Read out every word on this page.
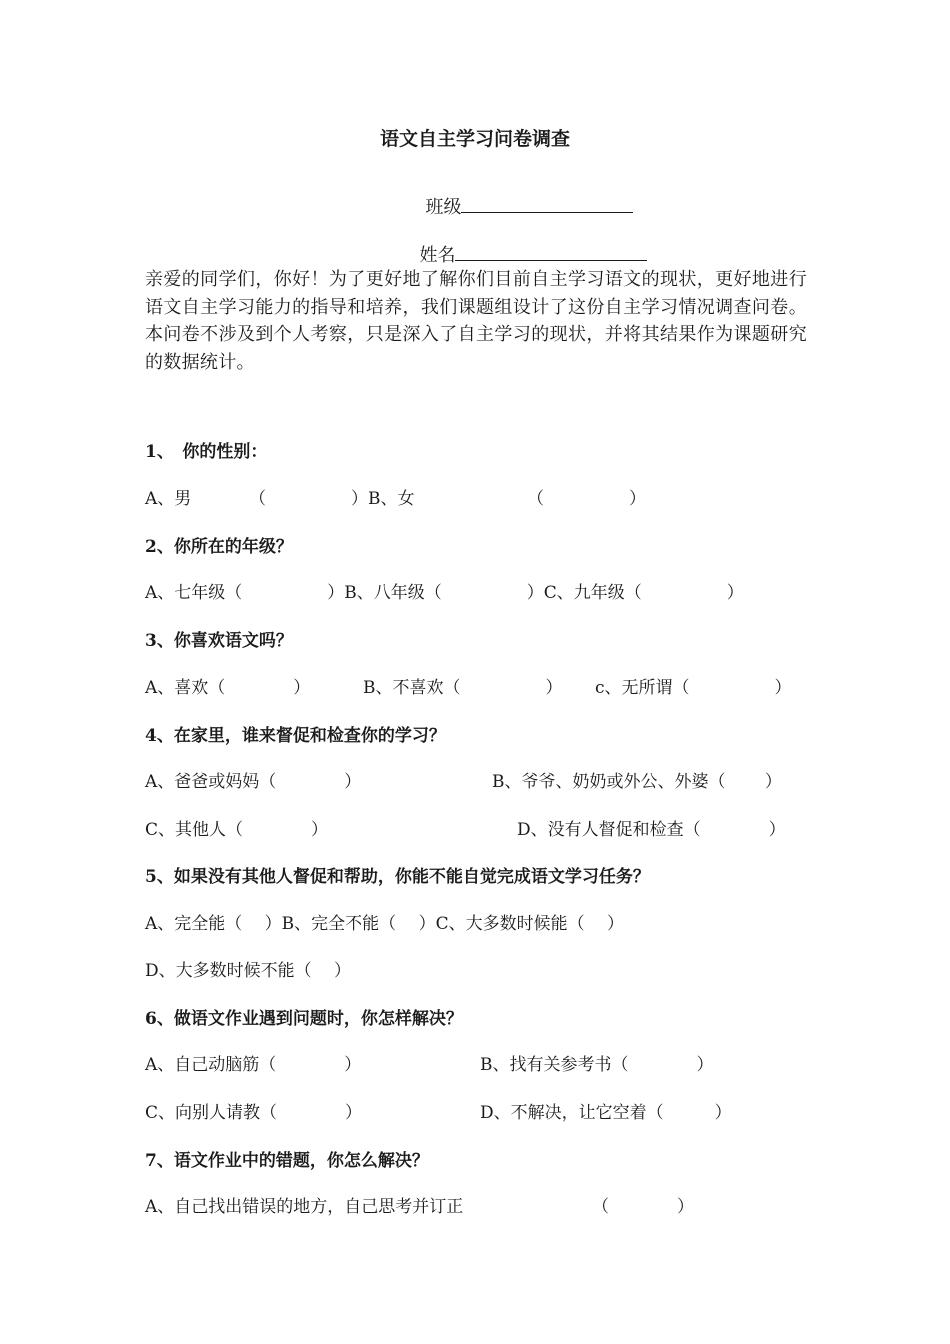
语文自主学习问卷调查

班级

姓名

亲爱的同学们，你好！为了更好地了解你们目前自主学习语文的现状，更好地进行语文自主学习能力的指导和培养，我们课题组设计了这份自主学习情况调查问卷。本问卷不涉及到个人考察，只是深入了自主学习的现状，并将其结果作为课题研究的数据统计。
1、　你的性别：
A、男	（　　　　　）B、女	（　　　　　）
2、你所在的年级？
A、七年级（　　　　　）B、八年级（　　　　　）C、九年级（　　　　　）
3、你喜欢语文吗？
A、喜欢（　　　　）	B、不喜欢（　　　　　） c、无所谓（　　　　　）
4、在家里，谁来督促和检查你的学习？
A、爸爸或妈妈（　　　　）	B、爷爷、奶奶或外公、外婆（　　 ）
C、其他人（　　　　）	D、没有人督促和检查（　　　　）
5、如果没有其他人督促和帮助，你能不能自觉完成语文学习任务？
A、完全能（　 ）B、完全不能（　 ）C、大多数时候能（　 ）
D、大多数时候不能（　 ）
6、做语文作业遇到问题时，你怎样解决？
A、自己动脑筋（　　　　）	B、找有关参考书（　　　　）
C、向别人请教（　　　　）	D、不解决，让它空着（　　　）
7、语文作业中的错题，你怎么解决？
A、自己找出错误的地方，自己思考并订正	（　　　　）
